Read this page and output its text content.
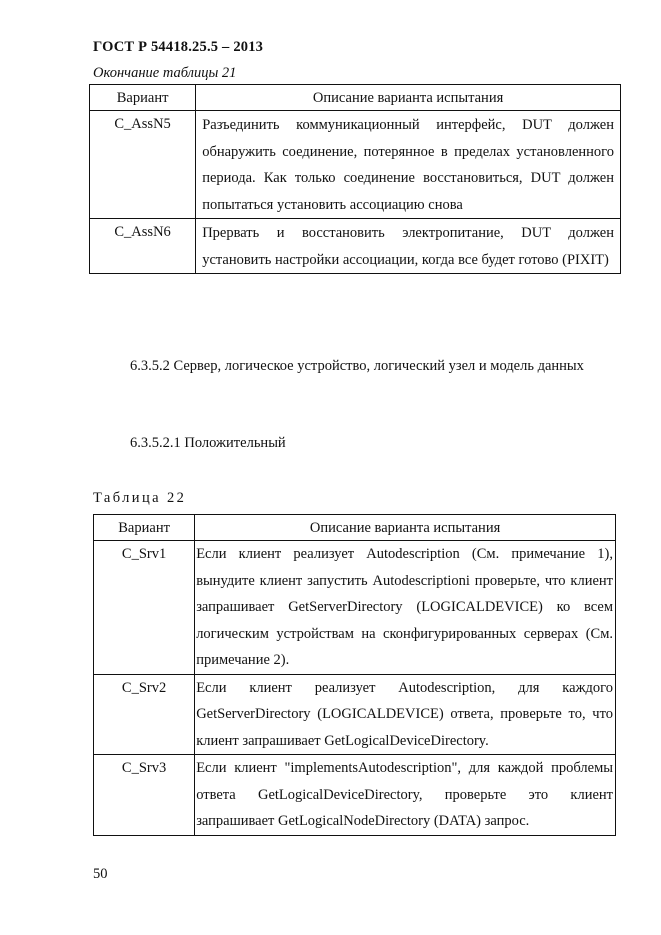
ГОСТ Р 54418.25.5 – 2013
Окончание таблицы 21
Вариант	Описание варианта испытания
C_AssN5	Разъединить коммуникационный интерфейс, DUT должен обнаружить соединение, потерянное в пределах установленного периода. Как только соединение восстановиться, DUT должен попытаться установить ассоциацию снова
C_AssN6	Прервать и восстановить электропитание, DUT должен установить настройки ассоциации, когда все будет готово (PIXIT)
6.3.5.2 Сервер, логическое устройство, логический узел и модель данных
6.3.5.2.1 Положительный
Таблица 22
Вариант	Описание варианта испытания
C_Srv1	Если клиент реализует Autodescription (См. примечание 1), вынудите клиент запустить Autodescriptioni проверьте, что клиент запрашивает GetServerDirectory (LOGICALDEVICE) ко всем логическим устройствам на сконфигурированных серверах (См. примечание 2).
C_Srv2	Если клиент реализует Autodescription, для каждого GetServerDirectory (LOGICALDEVICE) ответа, проверьте то, что клиент запрашивает GetLogicalDeviceDirectory.
C_Srv3	Если клиент "implementsAutodescription", для каждой проблемы ответа GetLogicalDeviceDirectory, проверьте это клиент запрашивает GetLogicalNodeDirectory (DATA) запрос.
50
